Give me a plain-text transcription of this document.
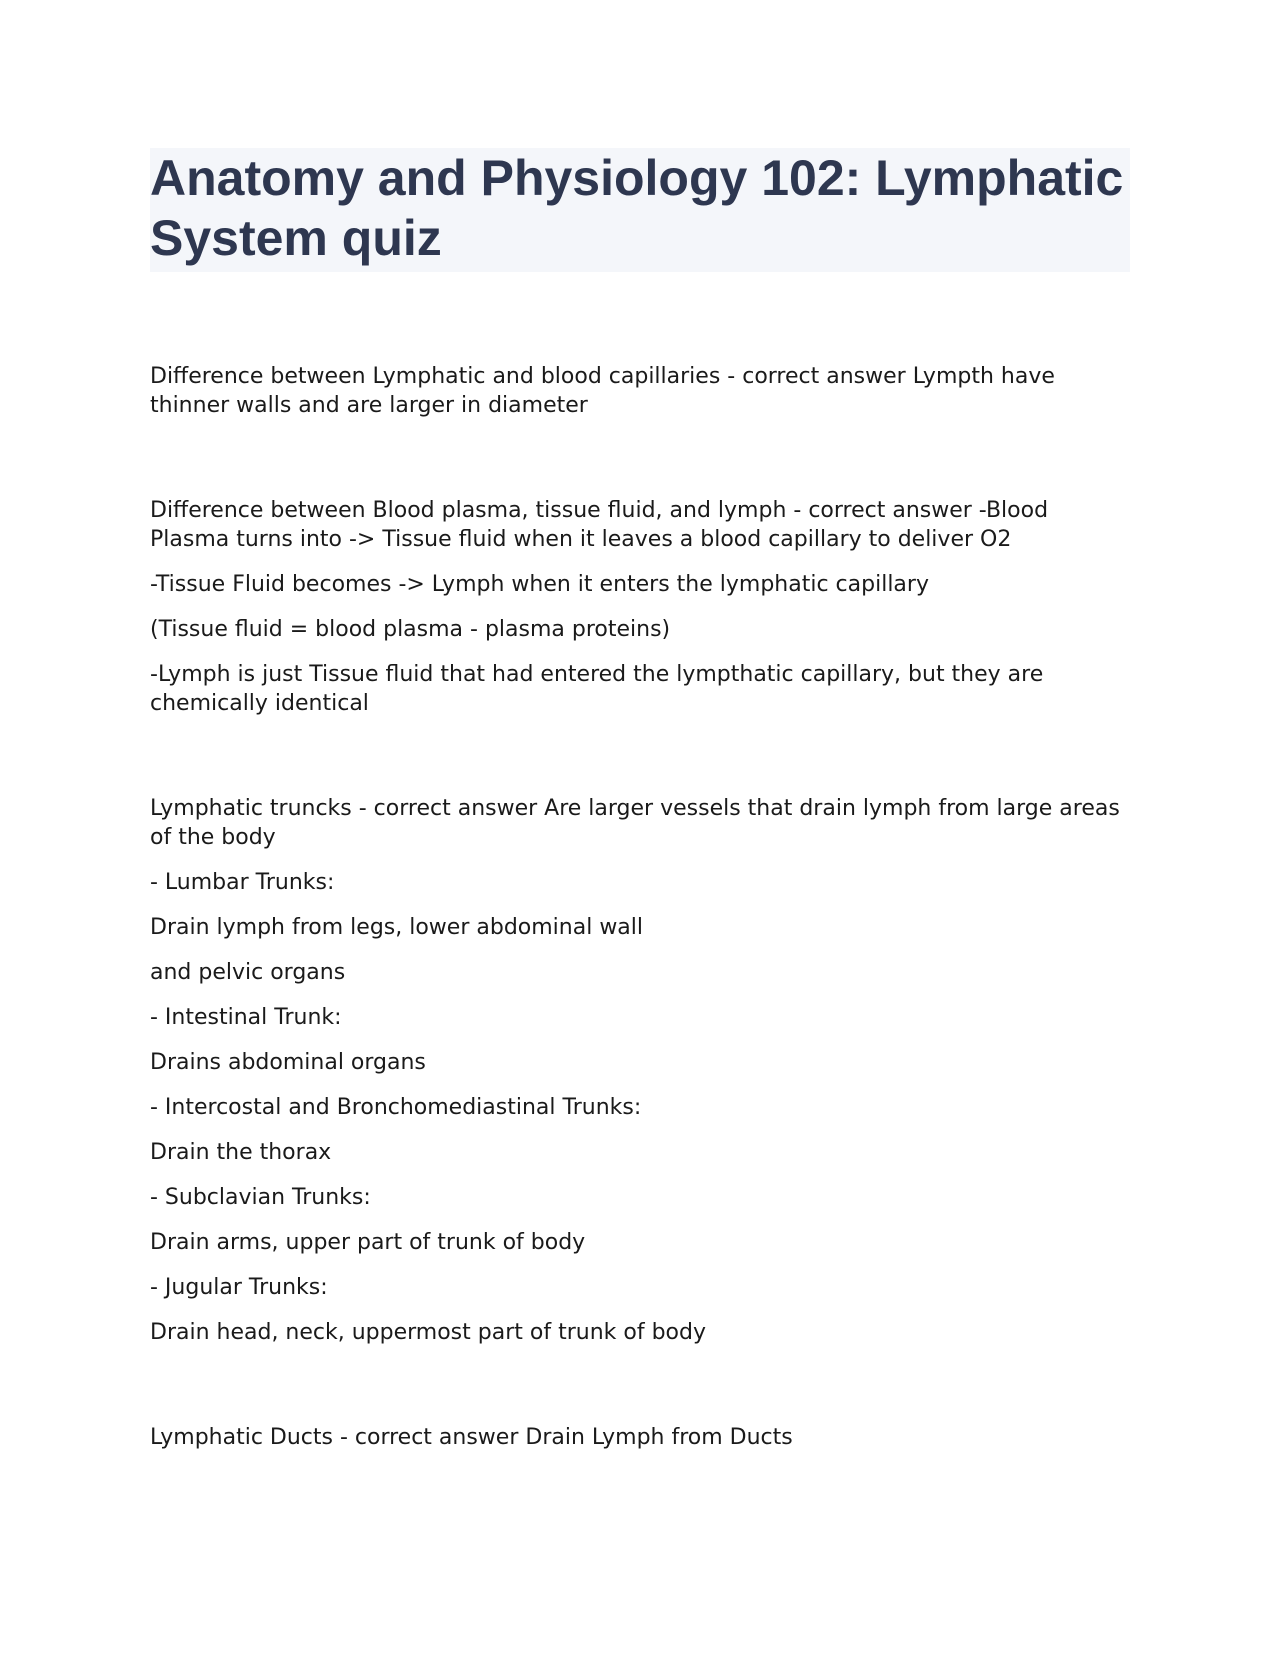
Anatomy and Physiology 102: Lymphatic System quiz

Difference between Lymphatic and blood capillaries - correct answer Lympth have thinner walls and are larger in diameter

Difference between Blood plasma, tissue fluid, and lymph - correct answer -Blood Plasma turns into -> Tissue fluid when it leaves a blood capillary to deliver O2

-Tissue Fluid becomes -> Lymph when it enters the lymphatic capillary

(Tissue fluid = blood plasma - plasma proteins)

-Lymph is just Tissue fluid that had entered the lympthatic capillary, but they are chemically identical

Lymphatic truncks - correct answer Are larger vessels that drain lymph from large areas of the body

- Lumbar Trunks:

Drain lymph from legs, lower abdominal wall

and pelvic organs

- Intestinal Trunk:

Drains abdominal organs

- Intercostal and Bronchomediastinal Trunks:

Drain the thorax

- Subclavian Trunks:

Drain arms, upper part of trunk of body

- Jugular Trunks:

Drain head, neck, uppermost part of trunk of body

Lymphatic Ducts - correct answer Drain Lymph from Ducts
